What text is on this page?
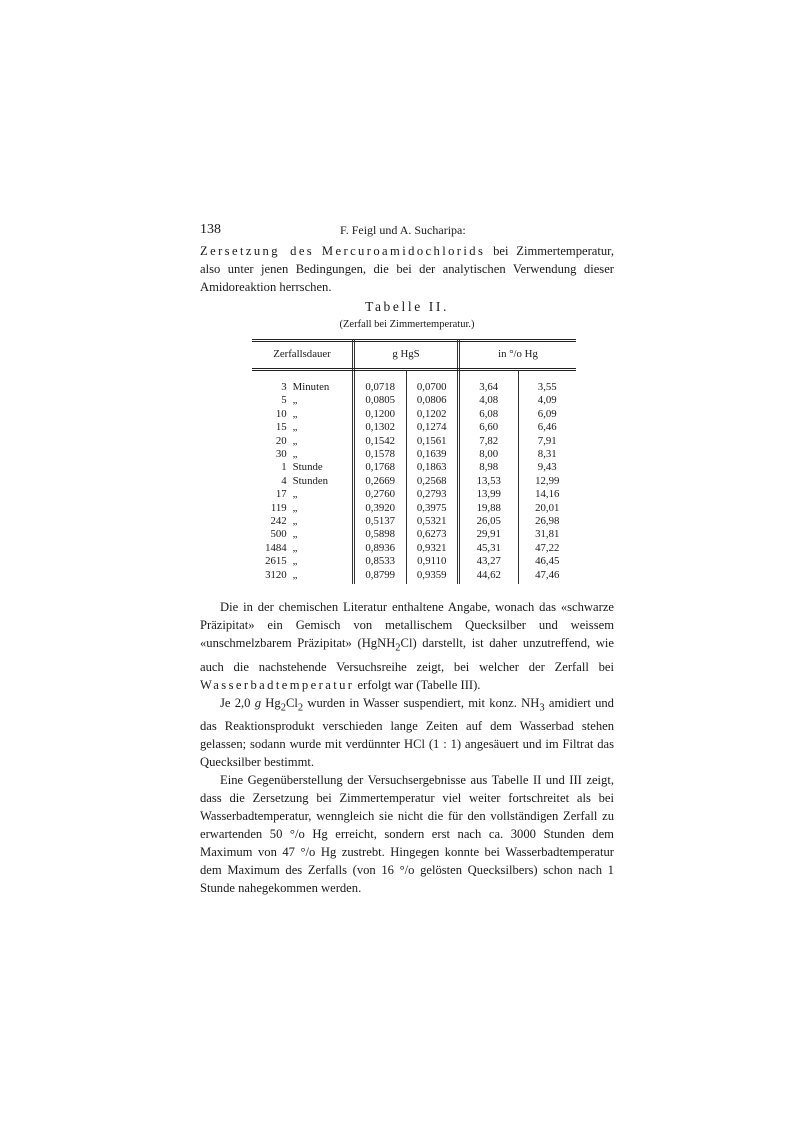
138	F. Feigl und A. Sucharipa:

Zersetzung des Mercuroamidochlorids bei Zimmertemperatur, also unter jenen Bedingungen, die bei der analytischen Verwendung dieser Amidoreaktion herrschen.

Tabelle II.
(Zerfall bei Zimmertemperatur.)
Zerfallsdauer		g HgS		in °/o Hg	
3	Minuten	0,0718	0,0700	3,64	3,55
5	„	0,0805	0,0806	4,08	4,09
10	„	0,1200	0,1202	6,08	6,09
15	„	0,1302	0,1274	6,60	6,46
20	„	0,1542	0,1561	7,82	7,91
30	„	0,1578	0,1639	8,00	8,31
1	Stunde	0,1768	0,1863	8,98	9,43
4	Stunden	0,2669	0,2568	13,53	12,99
17	„	0,2760	0,2793	13,99	14,16
119	„	0,3920	0,3975	19,88	20,01
242	„	0,5137	0,5321	26,05	26,98
500	„	0,5898	0,6273	29,91	31,81
1484	„	0,8936	0,9321	45,31	47,22
2615	„	0,8533	0,9110	43,27	46,45
3120	„	0,8799	0,9359	44,62	47,46

Die in der chemischen Literatur enthaltene Angabe, wonach das «schwarze Präzipitat» ein Gemisch von metallischem Quecksilber und weissem «unschmelzbarem Präzipitat» (HgNH$_2$Cl) darstellt, ist daher unzutreffend, wie auch die nachstehende Versuchsreihe zeigt, bei welcher der Zerfall bei Wasserbadtemperatur erfolgt war (Tabelle III).

Je 2,0 g $Hg_2Cl_2$ wurden in Wasser suspendiert, mit konz. $NH_3$ amidiert und das Reaktionsprodukt verschieden lange Zeiten auf dem Wasserbad stehen gelassen; sodann wurde mit verdünnter HCl (1 : 1) angesäuert und im Filtrat das Quecksilber bestimmt.

Eine Gegenüberstellung der Versuchsergebnisse aus Tabelle II und III zeigt, dass die Zersetzung bei Zimmertemperatur viel weiter fortschreitet als bei Wasserbadtemperatur, wenngleich sie nicht die für den vollständigen Zerfall zu erwartenden 50 °/o Hg erreicht, sondern erst nach ca. 3000 Stunden dem Maximum von 47 °/o Hg zustrebt. Hingegen konnte bei Wasserbadtemperatur dem Maximum des Zerfalls (von 16 °/o gelösten Quecksilbers) schon nach 1 Stunde nahegekommen werden.
